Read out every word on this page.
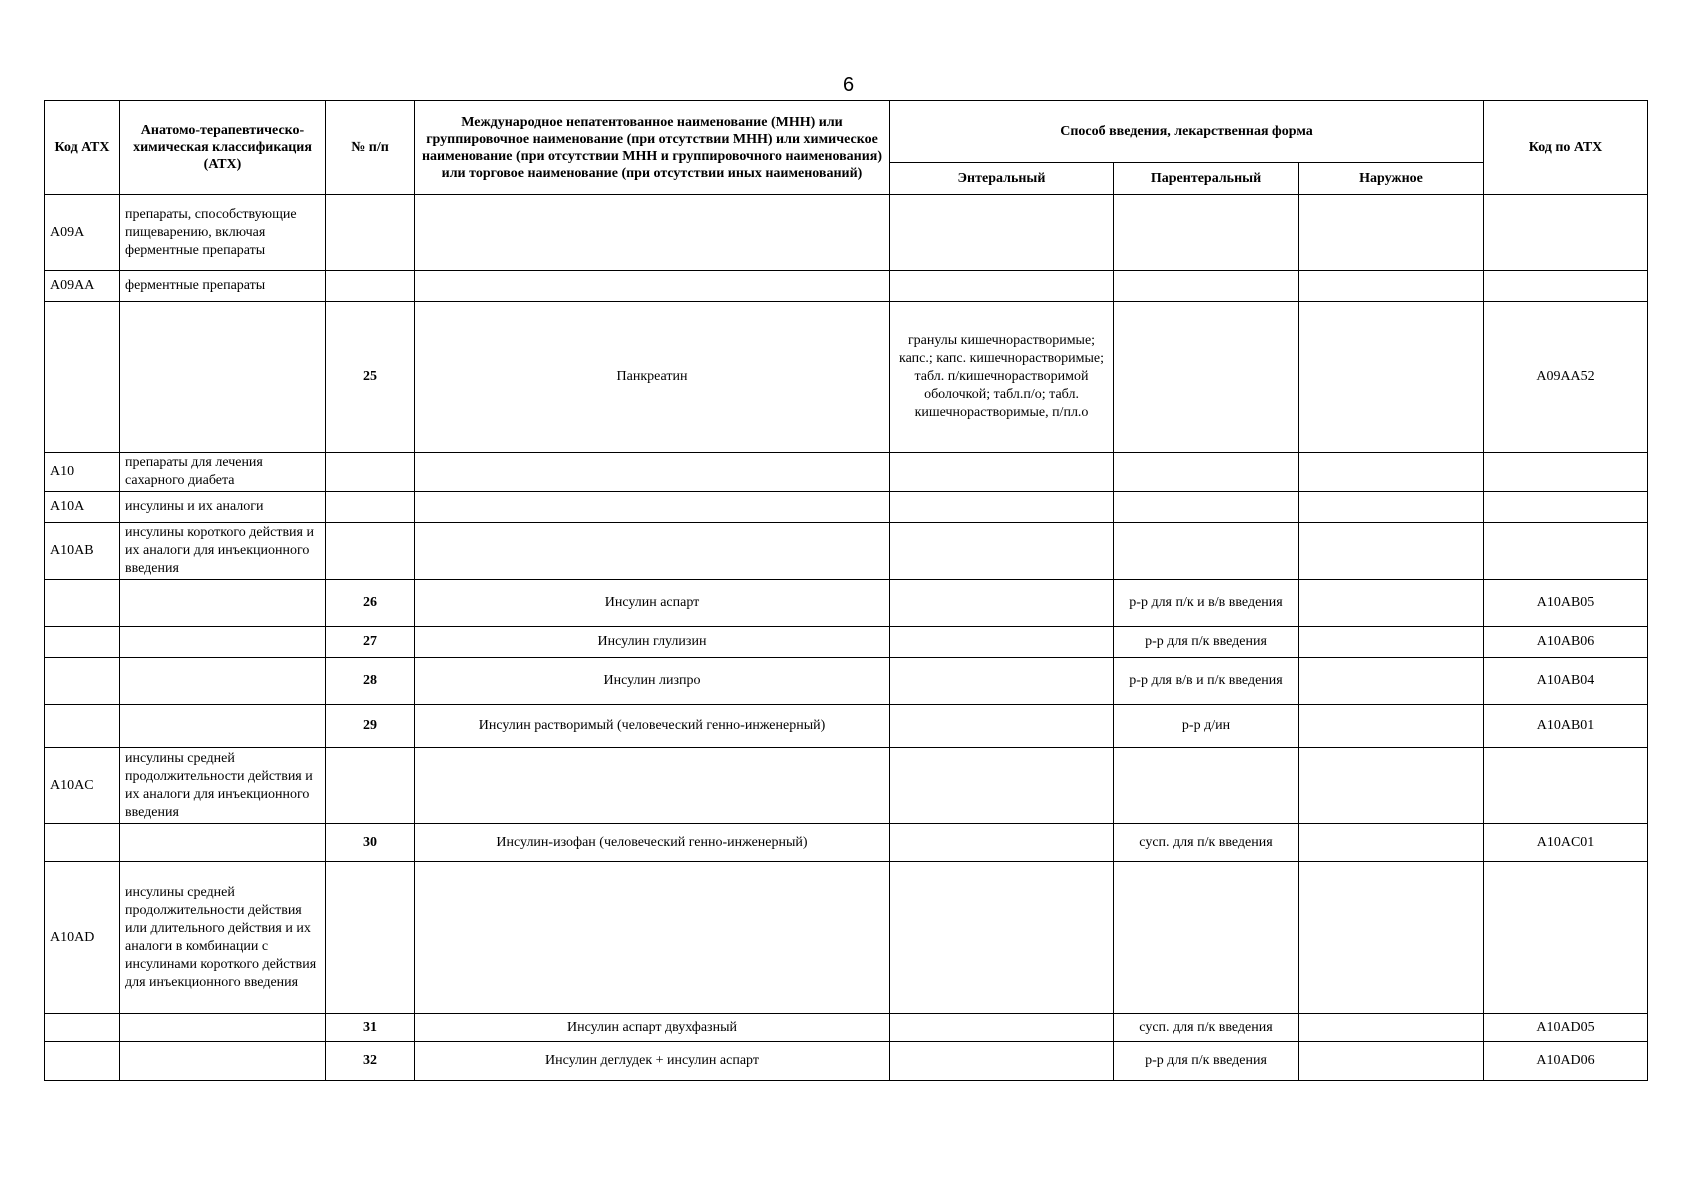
6
Код АТХ	Анатомо-терапевтическо-химическая классификация (АТХ)	№ п/п	Международное непатентованное наименование (МНН) или группировочное наименование (при отсутствии МНН) или химическое наименование (при отсутствии МНН и группировочного наименования) или торговое наименование (при отсутствии иных наименований)	Способ введения, лекарственная форма			Код по АТХ
				Энтеральный	Парентеральный	Наружное	
A09A	препараты, способствующие пищеварению, включая ферментные препараты						
A09AA	ферментные препараты						
		25	Панкреатин	гранулы кишечнорастворимые; капс.; капс. кишечнорастворимые; табл. п/кишечнорастворимой оболочкой; табл.п/о; табл. кишечнорастворимые, п/пл.о			A09AA52
A10	препараты для лечения сахарного диабета						
A10A	инсулины и их аналоги						
A10AB	инсулины короткого действия и их аналоги для инъекционного введения						
		26	Инсулин аспарт		р-р для п/к и в/в введения		A10AB05
		27	Инсулин глулизин		р-р для п/к введения		A10AB06
		28	Инсулин лизпро		р-р для в/в и п/к введения		A10AB04
		29	Инсулин растворимый (человеческий генно-инженерный)		р-р д/ин		A10AB01
A10AC	инсулины средней продолжительности действия и их аналоги для инъекционного введения						
		30	Инсулин-изофан (человеческий генно-инженерный)		сусп. для п/к введения		A10AC01
A10AD	инсулины средней продолжительности действия или длительного действия и их аналоги в комбинации с инсулинами короткого действия для инъекционного введения						
		31	Инсулин аспарт двухфазный		сусп. для п/к введения		A10AD05
		32	Инсулин деглудек + инсулин аспарт		р-р для п/к введения		A10AD06
